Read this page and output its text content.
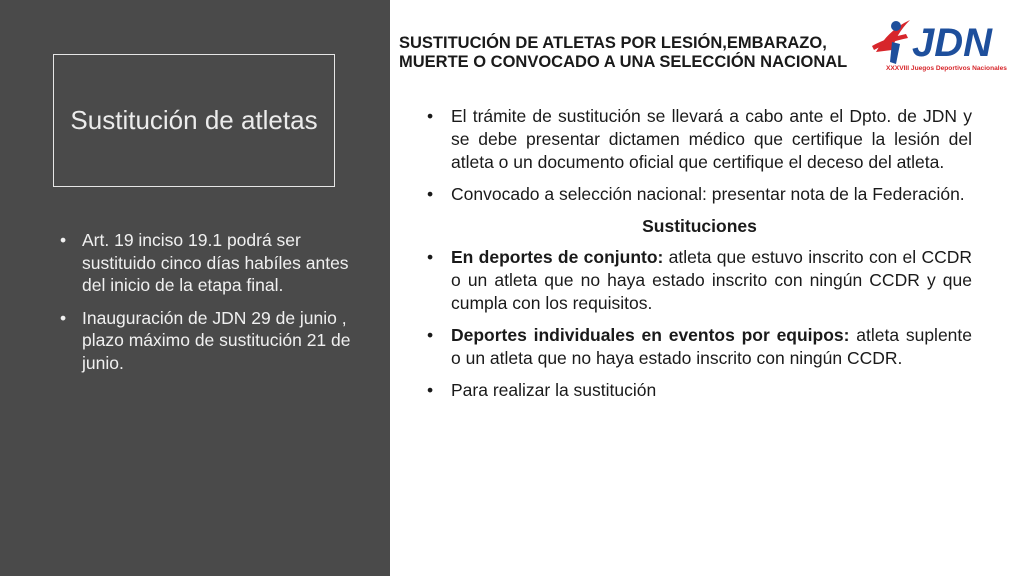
Sustitución de atletas
• Art. 19 inciso 19.1 podrá ser sustituido cinco días habíles antes del inicio de la etapa final.
• Inauguración de JDN 29 de junio , plazo máximo de sustitución 21 de junio.

SUSTITUCIÓN DE ATLETAS POR LESIÓN,EMBARAZO, MUERTE O CONVOCADO A UNA SELECCIÓN NACIONAL JDN
XXXVIII Juegos Deportivos Nacionales
• El trámite de sustitución se llevará a cabo ante el Dpto. de JDN y se debe presentar dictamen médico que certifique la lesión del atleta o un documento oficial que certifique el deceso del atleta.
• Convocado a selección nacional: presentar nota de la Federación.
Sustituciones
• En deportes de conjunto: atleta que estuvo inscrito con el CCDR o un atleta que no haya estado inscrito con ningún CCDR y que cumpla con los requisitos.
• Deportes individuales en eventos por equipos: atleta suplente o un atleta que no haya estado inscrito con ningún CCDR.
• Para realizar la sustitución
